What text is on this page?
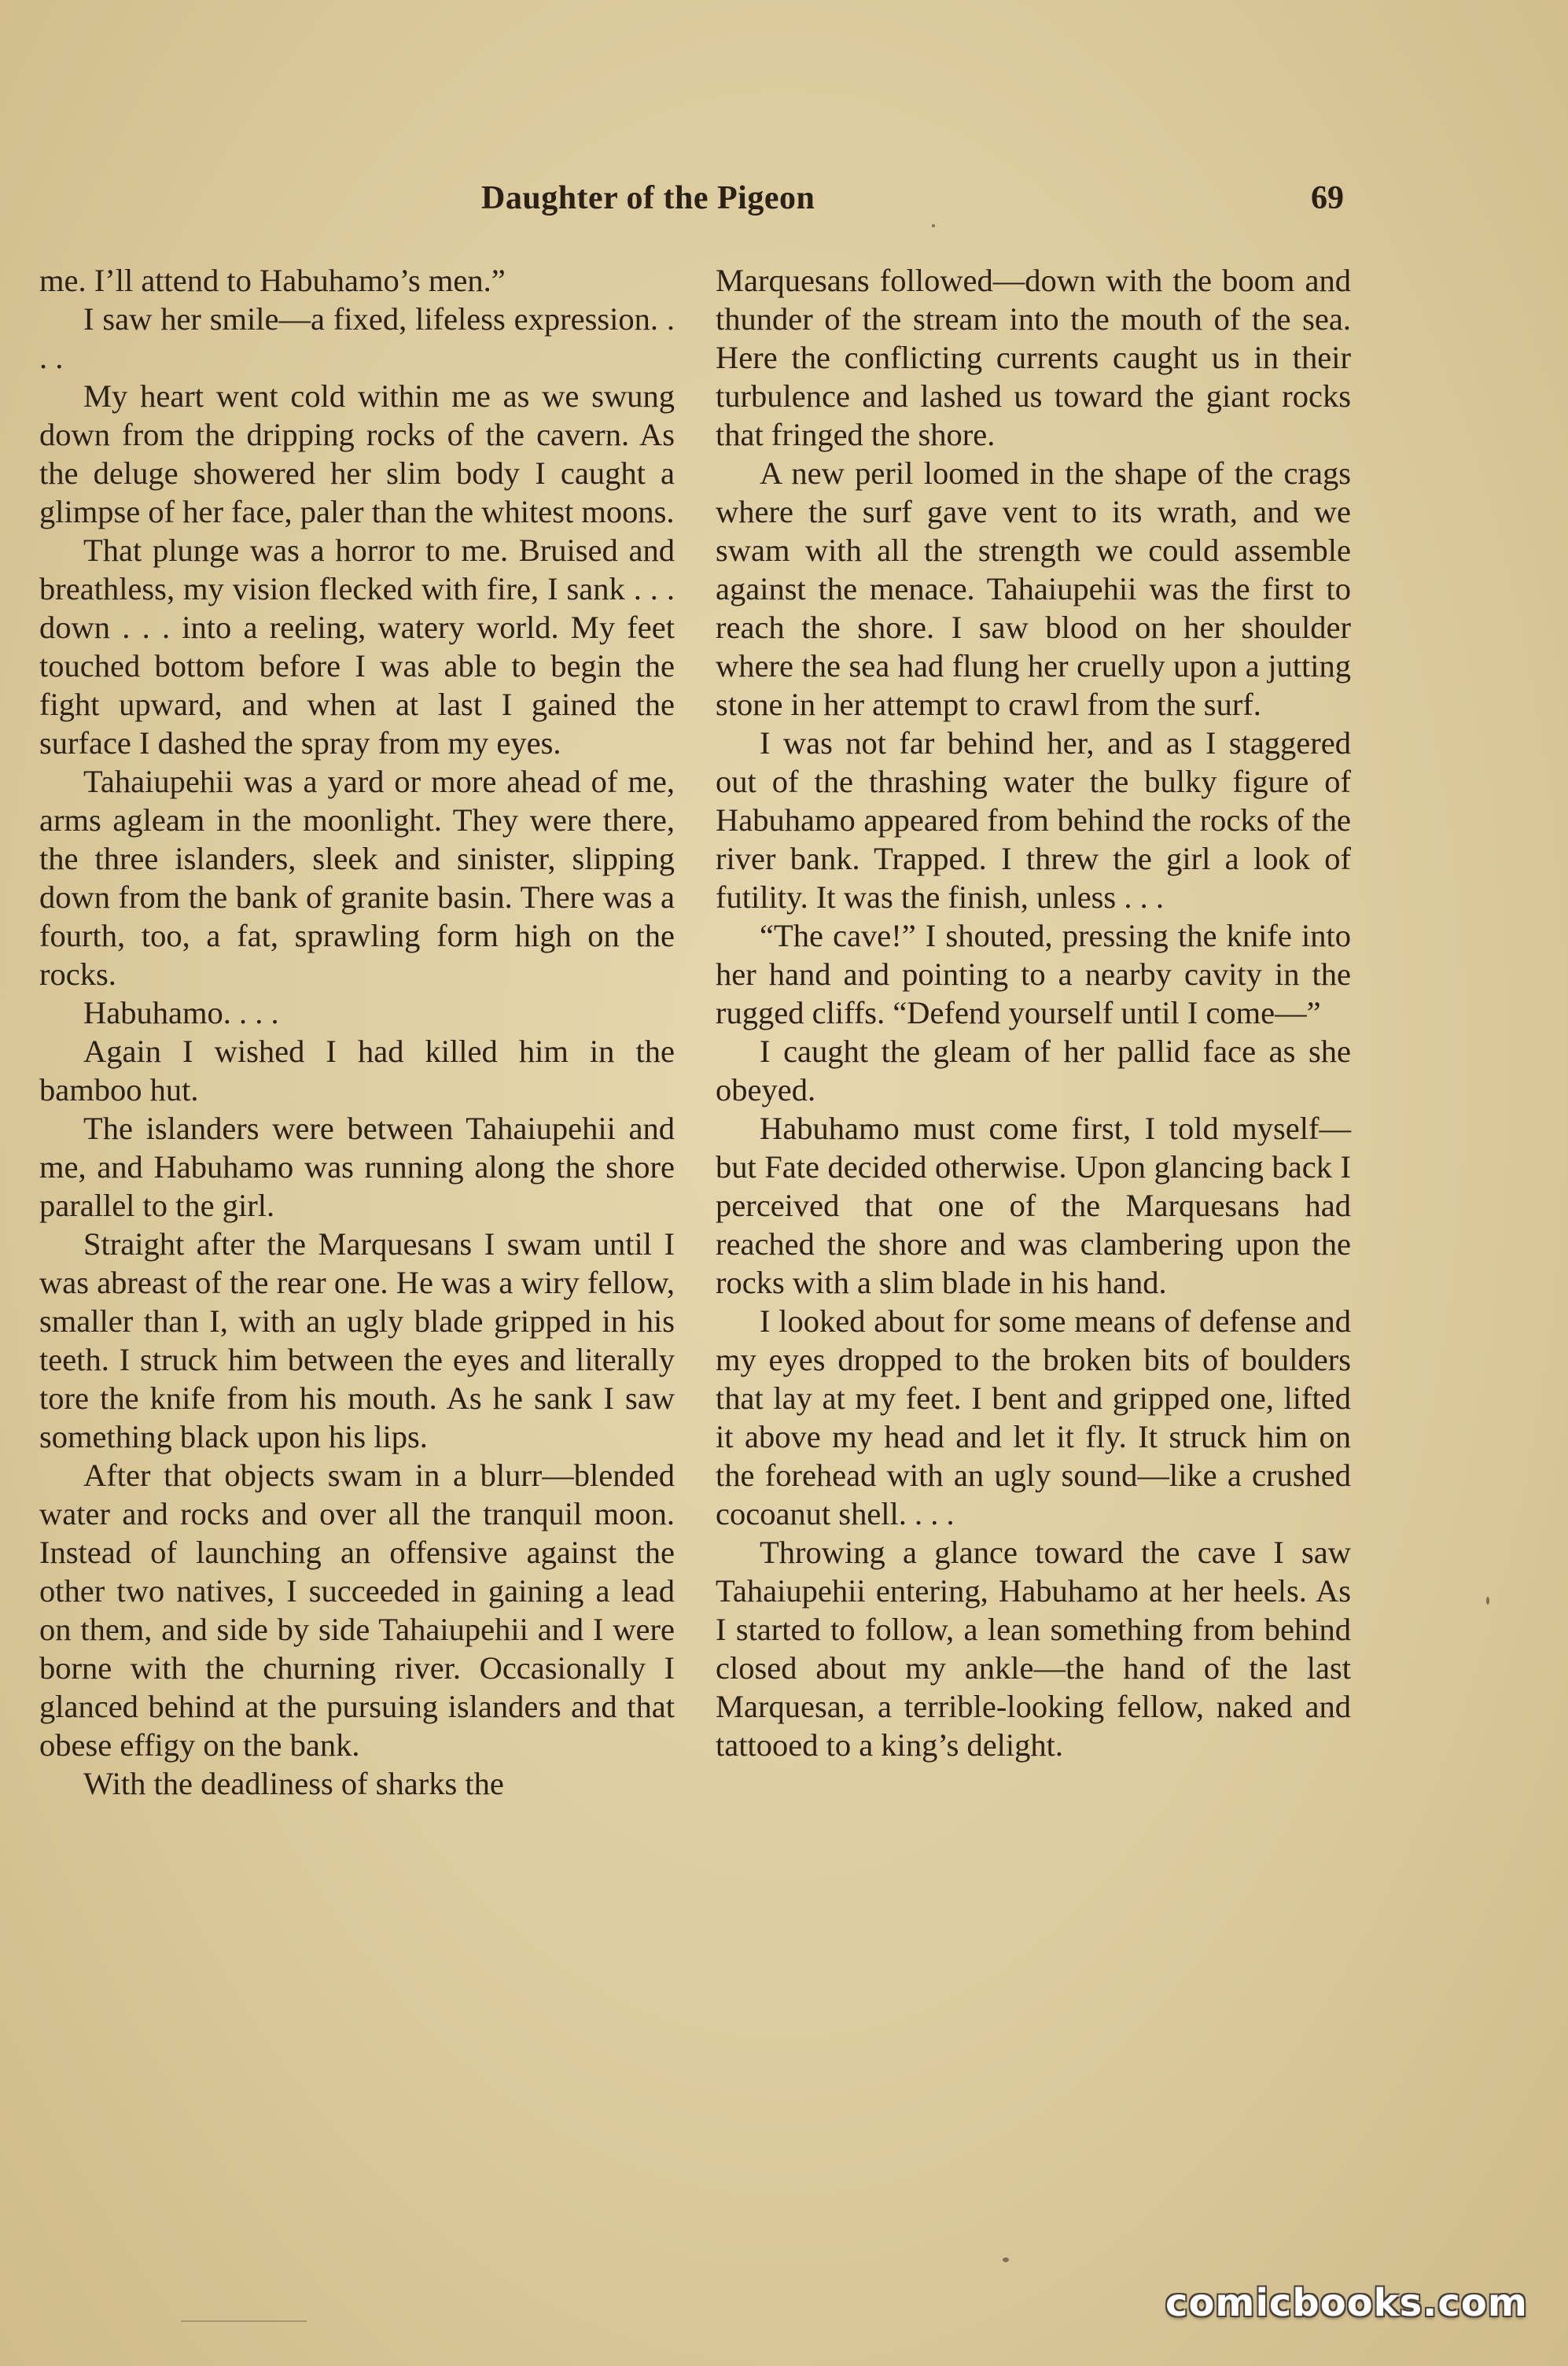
Daughter of the Pigeon	69

me. I’ll attend to Habuhamo’s men.”

I saw her smile—a fixed, lifeless expression. . . .

My heart went cold within me as we swung down from the dripping rocks of the cavern. As the deluge showered her slim body I caught a glimpse of her face, paler than the whitest moons.

That plunge was a horror to me. Bruised and breathless, my vision flecked with fire, I sank . . . down . . . into a reeling, watery world. My feet touched bottom before I was able to begin the fight upward, and when at last I gained the surface I dashed the spray from my eyes.

Tahaiupehii was a yard or more ahead of me, arms agleam in the moonlight. They were there, the three islanders, sleek and sinister, slipping down from the bank of granite basin. There was a fourth, too, a fat, sprawling form high on the rocks.

Habuhamo. . . .

Again I wished I had killed him in the bamboo hut.

The islanders were between Tahaiupehii and me, and Habuhamo was running along the shore parallel to the girl.

Straight after the Marquesans I swam until I was abreast of the rear one. He was a wiry fellow, smaller than I, with an ugly blade gripped in his teeth. I struck him between the eyes and literally tore the knife from his mouth. As he sank I saw something black upon his lips.

After that objects swam in a blurr—blended water and rocks and over all the tranquil moon. Instead of launching an offensive against the other two natives, I succeeded in gaining a lead on them, and side by side Tahaiupehii and I were borne with the churning river. Occasionally I glanced behind at the pursuing islanders and that obese effigy on the bank.

With the deadliness of sharks the

Marquesans followed—down with the boom and thunder of the stream into the mouth of the sea. Here the conflicting currents caught us in their turbulence and lashed us toward the giant rocks that fringed the shore.

A new peril loomed in the shape of the crags where the surf gave vent to its wrath, and we swam with all the strength we could assemble against the menace. Tahaiupehii was the first to reach the shore. I saw blood on her shoulder where the sea had flung her cruelly upon a jutting stone in her attempt to crawl from the surf.

I was not far behind her, and as I staggered out of the thrashing water the bulky figure of Habuhamo appeared from behind the rocks of the river bank. Trapped. I threw the girl a look of futility. It was the finish, unless . . .

“The cave!” I shouted, pressing the knife into her hand and pointing to a nearby cavity in the rugged cliffs. “Defend yourself until I come—”

I caught the gleam of her pallid face as she obeyed.

Habuhamo must come first, I told myself—but Fate decided otherwise. Upon glancing back I perceived that one of the Marquesans had reached the shore and was clambering upon the rocks with a slim blade in his hand.

I looked about for some means of defense and my eyes dropped to the broken bits of boulders that lay at my feet. I bent and gripped one, lifted it above my head and let it fly. It struck him on the forehead with an ugly sound—like a crushed cocoanut shell. . . .

Throwing a glance toward the cave I saw Tahaiupehii entering, Habuhamo at her heels. As I started to follow, a lean something from behind closed about my ankle—the hand of the last Marquesan, a terrible-looking fellow, naked and tattooed to a king’s delight.

comicbooks.com
